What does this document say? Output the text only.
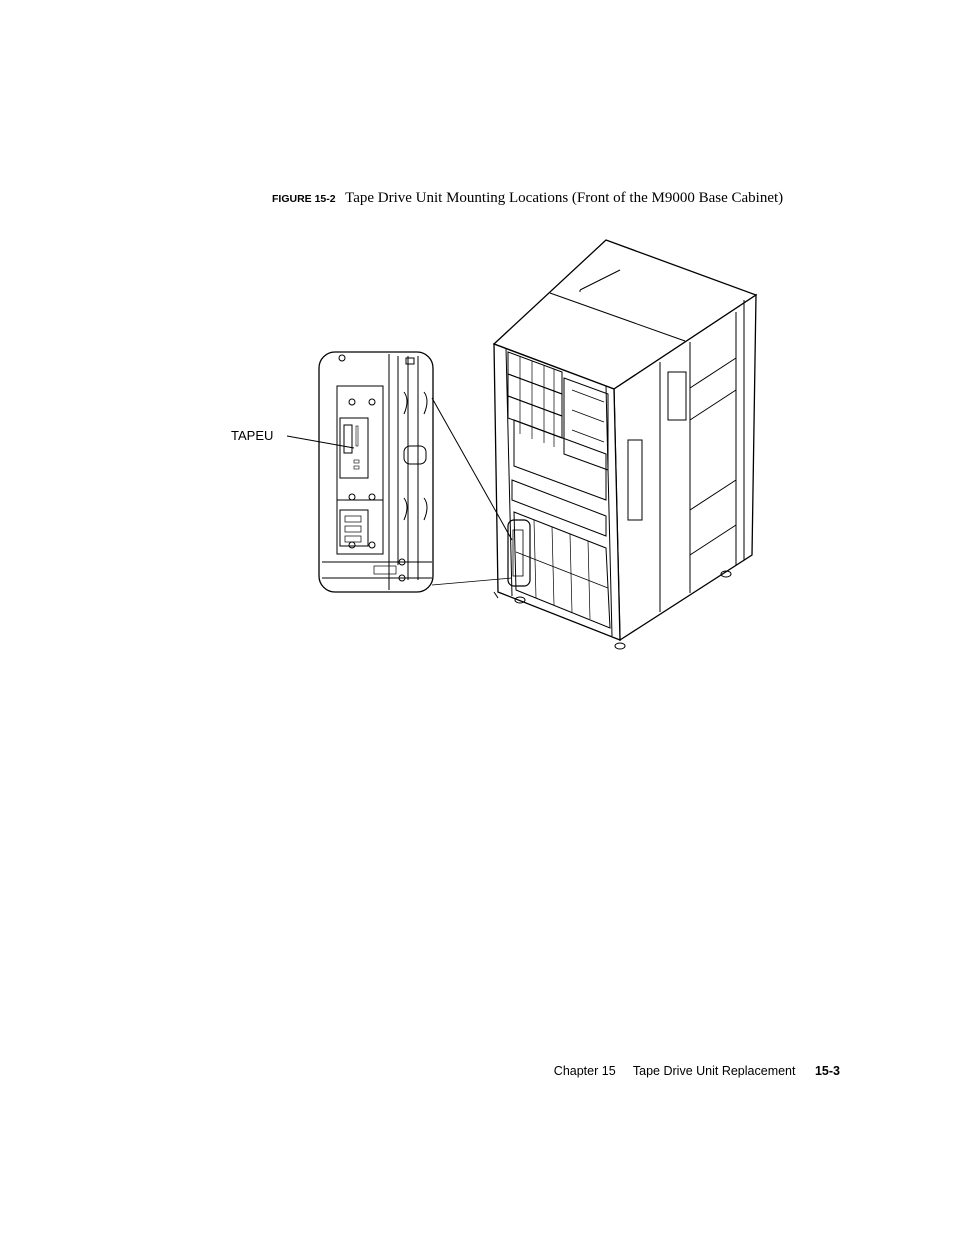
FIGURE 15-2 Tape Drive Unit Mounting Locations (Front of the M9000 Base Cabinet)
TAPEU
Chapter 15 Tape Drive Unit Replacement 15-3
